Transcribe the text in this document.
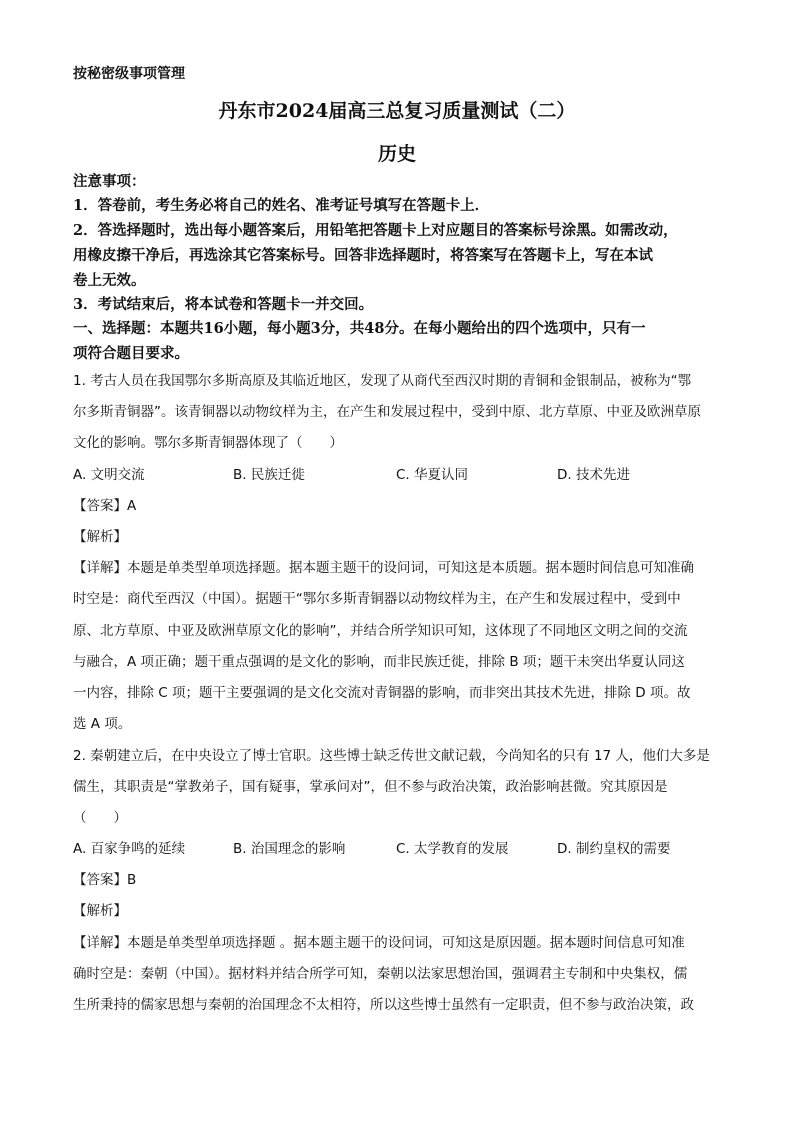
按秘密级事项管理
丹东市2024届高三总复习质量测试（二）
历史
注意事项：
1．答卷前，考生务必将自己的姓名、准考证号填写在答题卡上．
2．答选择题时，选出每小题答案后，用铅笔把答题卡上对应题目的答案标号涂黑。如需改动，
用橡皮擦干净后，再选涂其它答案标号。回答非选择题时，将答案写在答题卡上，写在本试
卷上无效。
3．考试结束后，将本试卷和答题卡一并交回。
一、选择题：本题共16小题，每小题3分，共48分。在每小题给出的四个选项中，只有一
项符合题目要求。
1. 考古人员在我国鄂尔多斯高原及其临近地区，发现了从商代至西汉时期的青铜和金银制品，被称为“鄂
尔多斯青铜器”。该青铜器以动物纹样为主，在产生和发展过程中，受到中原、北方草原、中亚及欧洲草原
文化的影响。鄂尔多斯青铜器体现了（　　）
A. 文明交流	B. 民族迁徙	C. 华夏认同	D. 技术先进
【答案】A
【解析】
【详解】本题是单类型单项选择题。据本题主题干的设问词，可知这是本质题。据本题时间信息可知准确
时空是：商代至西汉（中国）。据题干“鄂尔多斯青铜器以动物纹样为主，在产生和发展过程中，受到中
原、北方草原、中亚及欧洲草原文化的影响”，并结合所学知识可知，这体现了不同地区文明之间的交流
与融合，A 项正确；题干重点强调的是文化的影响，而非民族迁徙，排除 B 项；题干未突出华夏认同这
一内容，排除 C 项；题干主要强调的是文化交流对青铜器的影响，而非突出其技术先进，排除 D 项。故
选 A 项。
2. 秦朝建立后，在中央设立了博士官职。这些博士缺乏传世文献记载，今尚知名的只有 17 人，他们大多是
儒生，其职责是“掌教弟子，国有疑事，掌承问对”，但不参与政治决策，政治影响甚微。究其原因是
（　　）
A. 百家争鸣的延续	B. 治国理念的影响	C. 太学教育的发展	D. 制约皇权的需要
【答案】B
【解析】
【详解】本题是单类型单项选择题 。据本题主题干的设问词，可知这是原因题。据本题时间信息可知准
确时空是：秦朝（中国）。据材料并结合所学可知，秦朝以法家思想治国，强调君主专制和中央集权，儒
生所秉持的儒家思想与秦朝的治国理念不太相符，所以这些博士虽然有一定职责，但不参与政治决策，政
